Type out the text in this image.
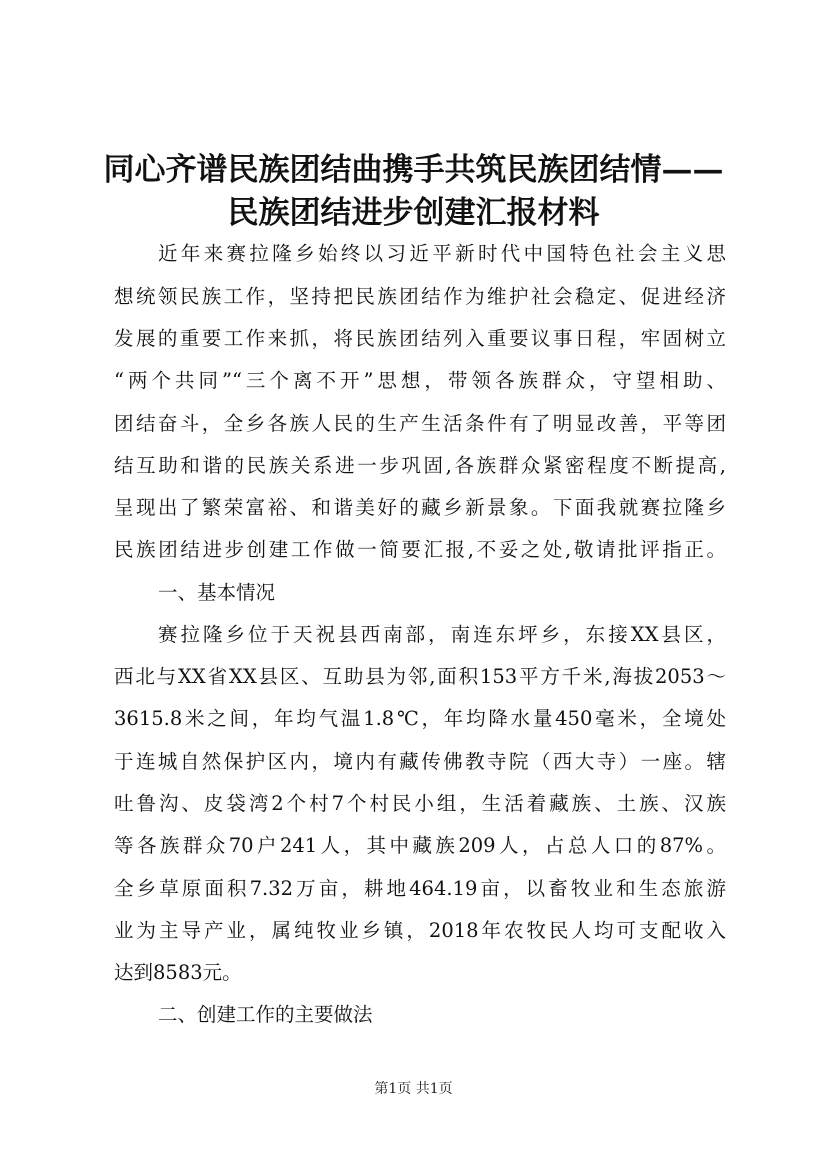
同心齐谱民族团结曲携手共筑民族团结情——
民族团结进步创建汇报材料

近年来赛拉隆乡始终以习近平新时代中国特色社会主义思

想统领民族工作，坚持把民族团结作为维护社会稳定、促进经济

发展的重要工作来抓，将民族团结列入重要议事日程，牢固树立

“两个共同”“三个离不开”思想，带领各族群众，守望相助、

团结奋斗，全乡各族人民的生产生活条件有了明显改善，平等团

结互助和谐的民族关系进一步巩固,各族群众紧密程度不断提高,

呈现出了繁荣富裕、和谐美好的藏乡新景象。下面我就赛拉隆乡

民族团结进步创建工作做一简要汇报,不妥之处,敬请批评指正。

一、基本情况

赛拉隆乡位于天祝县西南部，南连东坪乡，东接XX县区，

西北与XX省XX县区、互助县为邻,面积153平方千米,海拔2053～

3615.8米之间，年均气温1.8℃，年均降水量450毫米，全境处

于连城自然保护区内，境内有藏传佛教寺院（西大寺）一座。辖

吐鲁沟、皮袋湾2个村7个村民小组，生活着藏族、土族、汉族

等各族群众70户241人，其中藏族209人，占总人口的87%。

全乡草原面积7.32万亩，耕地464.19亩，以畜牧业和生态旅游

业为主导产业，属纯牧业乡镇，2018年农牧民人均可支配收入

达到8583元。

二、创建工作的主要做法

第1页 共1页
